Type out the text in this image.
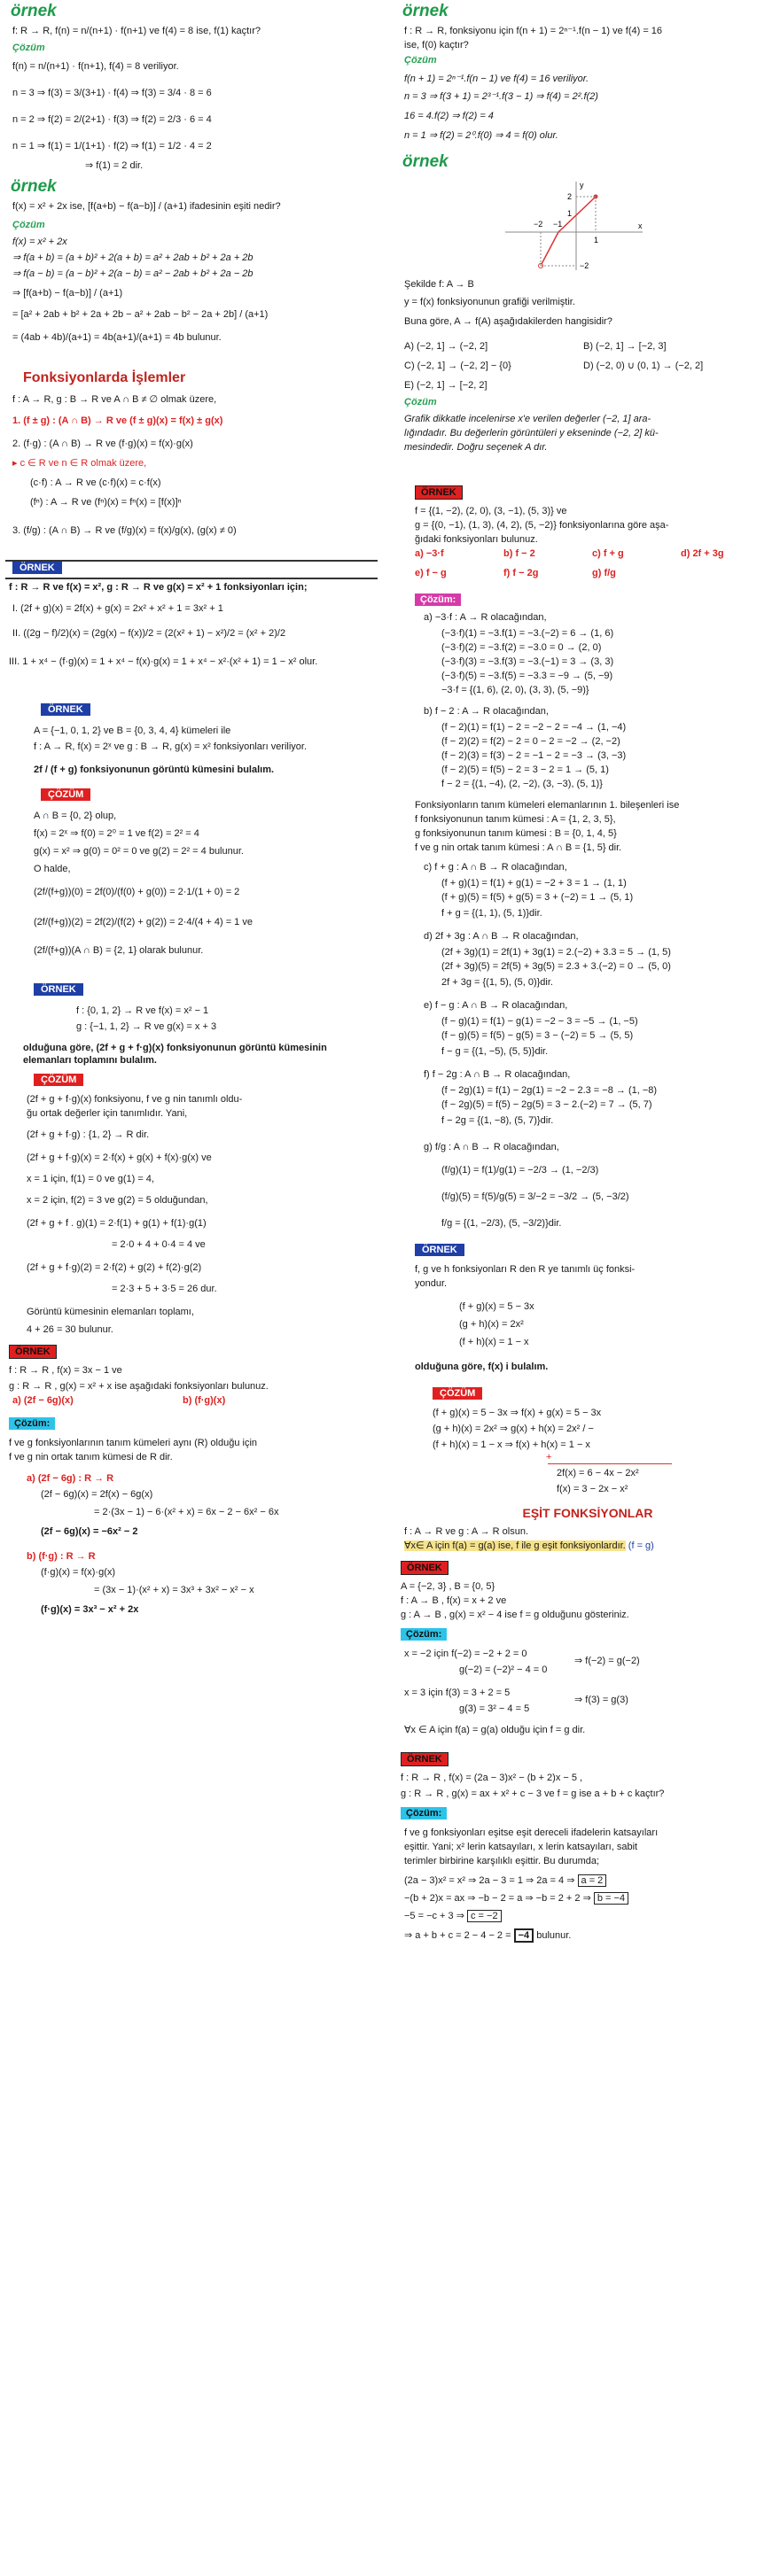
örnek
f: R → R, f(n) = n/(n+1) · f(n+1) ve f(4) = 8 ise, f(1) kaçtır?
Çözüm
f(n) = n/(n+1) · f(n+1), f(4) = 8 veriliyor.
n = 3 ⇒ f(3) = 3/(3+1) · f(4) ⇒ f(3) = 3/4 · 8 = 6
n = 2 ⇒ f(2) = 2/(2+1) · f(3) ⇒ f(2) = 2/3 · 6 = 4
n = 1 ⇒ f(1) = 1/(1+1) · f(2) ⇒ f(1) = 1/2 · 4 = 2
⇒ f(1) = 2 dir.
örnek
f(x) = x² + 2x ise, [f(a+b) − f(a−b)] / (a+1) ifadesinin eşiti nedir?
Çözüm
f(x) = x² + 2x
⇒ f(a + b) = (a + b)² + 2(a + b) = a² + 2ab + b² + 2a + 2b
⇒ f(a − b) = (a − b)² + 2(a − b) = a² − 2ab + b² + 2a − 2b
⇒ [f(a+b) − f(a−b)] / (a+1)
= [a² + 2ab + b² + 2a + 2b − a² + 2ab − b² − 2a + 2b] / (a+1)
= (4ab + 4b)/(a+1) = 4b(a+1)/(a+1) = 4b bulunur.
Fonksiyonlarda İşlemler
f : A → R, g : B → R ve A ∩ B ≠ ∅ olmak üzere,
1. (f ± g) : (A ∩ B) → R ve (f ± g)(x) = f(x) ± g(x)
2. (f·g) : (A ∩ B) → R ve (f·g)(x) = f(x)·g(x)
▸ c ∈ R ve n ∈ R olmak üzere,
(c·f) : A → R ve (c·f)(x) = c·f(x)
(fⁿ) : A → R ve (fⁿ)(x) = fⁿ(x) = [f(x)]ⁿ
3. (f/g) : (A ∩ B) → R ve (f/g)(x) = f(x)/g(x), (g(x) ≠ 0)
ÖRNEK
f : R → R ve f(x) = x², g : R → R ve g(x) = x² + 1 fonksiyonları için;
I. (2f + g)(x) = 2f(x) + g(x) = 2x² + x² + 1 = 3x² + 1
II. ((2g − f)/2)(x) = (2g(x) − f(x))/2 = (2(x² + 1) − x²)/2 = (x² + 2)/2
III. 1 + x⁴ − (f·g)(x) = 1 + x⁴ − f(x)·g(x) = 1 + x⁴ − x²·(x² + 1) = 1 − x² olur.
ÖRNEK
A = {−1, 0, 1, 2} ve B = {0, 3, 4, 4} kümeleri ile
f : A → R, f(x) = 2ˣ ve g : B → R, g(x) = x² fonksiyonları veriliyor.
2f / (f + g) fonksiyonunun görüntü kümesini bulalım.
ÇÖZÜM
A ∩ B = {0, 2} olup,
f(x) = 2ˣ ⇒ f(0) = 2⁰ = 1 ve f(2) = 2² = 4
g(x) = x² ⇒ g(0) = 0² = 0 ve g(2) = 2² = 4 bulunur.
O halde,
(2f/(f+g))(0) = 2f(0)/(f(0) + g(0)) = 2·1/(1 + 0) = 2
(2f/(f+g))(2) = 2f(2)/(f(2) + g(2)) = 2·4/(4 + 4) = 1 ve
(2f/(f+g))(A ∩ B) = {2, 1} olarak bulunur.
ÖRNEK
f : {0, 1, 2} → R ve f(x) = x² − 1
g : {−1, 1, 2} → R ve g(x) = x + 3
olduğuna göre, (2f + g + f·g)(x) fonksiyonunun görüntü kümesinin elemanları toplamını bulalım.
ÇÖZÜM
(2f + g + f·g)(x) fonksiyonu, f ve g nin tanımlı oldu-
ğu ortak değerler için tanımlıdır. Yani,
(2f + g + f·g) : {1, 2} → R dir.
(2f + g + f·g)(x) = 2·f(x) + g(x) + f(x)·g(x) ve
x = 1 için, f(1) = 0 ve g(1) = 4,
x = 2 için, f(2) = 3 ve g(2) = 5 olduğundan,
(2f + g + f . g)(1) = 2·f(1) + g(1) + f(1)·g(1)
= 2·0 + 4 + 0·4 = 4 ve
(2f + g + f·g)(2) = 2·f(2) + g(2) + f(2)·g(2)
= 2·3 + 5 + 3·5 = 26 dur.
Görüntü kümesinin elemanları toplamı,
4 + 26 = 30 bulunur.
ÖRNEK
f : R → R , f(x) = 3x − 1 ve
g : R → R , g(x) = x² + x ise aşağıdaki fonksiyonları bulunuz.
a) (2f − 6g)(x)	b) (f·g)(x)
Çözüm:
f ve g fonksiyonlarının tanım kümeleri aynı (R) olduğu için
f ve g nin ortak tanım kümesi de R dir.
a) (2f − 6g) : R → R
(2f − 6g)(x) = 2f(x) − 6g(x)
= 2·(3x − 1) − 6·(x² + x) = 6x − 2 − 6x² − 6x
(2f − 6g)(x) = −6x² − 2
b) (f·g) : R → R
(f·g)(x) = f(x)·g(x)
= (3x − 1)·(x² + x) = 3x³ + 3x² − x² − x
(f·g)(x) = 3x³ − x² + 2x
örnek
f : R → R, fonksiyonu için f(n + 1) = 2ⁿ⁻¹.f(n − 1) ve f(4) = 16
ise, f(0) kaçtır?
Çözüm
f(n + 1) = 2ⁿ⁻¹.f(n − 1) ve f(4) = 16 veriliyor.
n = 3 ⇒ f(3 + 1) = 2³⁻¹.f(3 − 1) ⇒ f(4) = 2².f(2)
16 = 4.f(2) ⇒ f(2) = 4
n = 1 ⇒ f(2) = 2⁰.f(0) ⇒ 4 = f(0) olur.
örnek
−2 −1
1
2
1
−2
x
y
Şekilde f: A → B
y = f(x) fonksiyonunun grafiği verilmiştir.
Buna göre, A → f(A) aşağıdakilerden hangisidir?
A) (−2, 1] → (−2, 2]	B) (−2, 1] → [−2, 3]
C) (−2, 1] → (−2, 2] − {0}	D) (−2, 0) ∪ (0, 1) → (−2, 2]
E) (−2, 1] → [−2, 2]
Çözüm
Grafik dikkatle incelenirse x'e verilen değerler (−2, 1] ara-
lığındadır. Bu değerlerin görüntüleri y ekseninde (−2, 2] kü-
mesindedir. Doğru seçenek A dır.
ÖRNEK
f = {(1, −2), (2, 0), (3, −1), (5, 3)} ve
g = {(0, −1), (1, 3), (4, 2), (5, −2)} fonksiyonlarına göre aşa-
ğıdaki fonksiyonları bulunuz.
a) −3·f	b) f − 2	c) f + g	d) 2f + 3g
e) f − g	f) f − 2g	g) f/g
Çözüm:
a) −3·f : A → R olacağından,
(−3·f)(1) = −3.f(1) = −3.(−2) = 6 → (1, 6)
(−3·f)(2) = −3.f(2) = −3.0 = 0 → (2, 0)
(−3·f)(3) = −3.f(3) = −3.(−1) = 3 → (3, 3)
(−3·f)(5) = −3.f(5) = −3.3 = −9 → (5, −9)
−3·f = {(1, 6), (2, 0), (3, 3), (5, −9)}
b) f − 2 : A → R olacağından,
(f − 2)(1) = f(1) − 2 = −2 − 2 = −4 → (1, −4)
(f − 2)(2) = f(2) − 2 = 0 − 2 = −2 → (2, −2)
(f − 2)(3) = f(3) − 2 = −1 − 2 = −3 → (3, −3)
(f − 2)(5) = f(5) − 2 = 3 − 2 = 1 → (5, 1)
f − 2 = {(1, −4), (2, −2), (3, −3), (5, 1)}
Fonksiyonların tanım kümeleri elemanlarının 1. bileşenleri ise
f fonksiyonunun tanım kümesi : A = {1, 2, 3, 5},
g fonksiyonunun tanım kümesi : B = {0, 1, 4, 5}
f ve g nin ortak tanım kümesi : A ∩ B = {1, 5} dir.
c) f + g : A ∩ B → R olacağından,
(f + g)(1) = f(1) + g(1) = −2 + 3 = 1 → (1, 1)
(f + g)(5) = f(5) + g(5) = 3 + (−2) = 1 → (5, 1)
f + g = {(1, 1), (5, 1)}dir.
d) 2f + 3g : A ∩ B → R olacağından,
(2f + 3g)(1) = 2f(1) + 3g(1) = 2.(−2) + 3.3 = 5 → (1, 5)
(2f + 3g)(5) = 2f(5) + 3g(5) = 2.3 + 3.(−2) = 0 → (5, 0)
2f + 3g = {(1, 5), (5, 0)}dir.
e) f − g : A ∩ B → R olacağından,
(f − g)(1) = f(1) − g(1) = −2 − 3 = −5 → (1, −5)
(f − g)(5) = f(5) − g(5) = 3 − (−2) = 5 → (5, 5)
f − g = {(1, −5), (5, 5)}dir.
f) f − 2g : A ∩ B → R olacağından,
(f − 2g)(1) = f(1) − 2g(1) = −2 − 2.3 = −8 → (1, −8)
(f − 2g)(5) = f(5) − 2g(5) = 3 − 2.(−2) = 7 → (5, 7)
f − 2g = {(1, −8), (5, 7)}dir.
g) f/g : A ∩ B → R olacağından,
(f/g)(1) = f(1)/g(1) = −2/3 → (1, −2/3)
(f/g)(5) = f(5)/g(5) = 3/−2 = −3/2 → (5, −3/2)
f/g = {(1, −2/3), (5, −3/2)}dir.
ÖRNEK
f, g ve h fonksiyonları R den R ye tanımlı üç fonksi-
yondur.
(f + g)(x) = 5 − 3x
(g + h)(x) = 2x²
(f + h)(x) = 1 − x
olduğuna göre, f(x) i bulalım.
ÇÖZÜM
(f + g)(x) = 5 − 3x ⇒ f(x) + g(x) = 5 − 3x
(g + h)(x) = 2x² ⇒ g(x) + h(x) = 2x² / −
(f + h)(x) = 1 − x ⇒ f(x) + h(x) = 1 − x
+
2f(x) = 6 − 4x − 2x²
f(x) = 3 − 2x − x²
EŞİT FONKSİYONLAR
f : A → R ve g : A → R olsun.
∀x∈ A için f(a) = g(a) ise, f ile g eşit fonksiyonlardır. (f = g)
ÖRNEK
A = {−2, 3} , B = {0, 5}
f : A → B , f(x) = x + 2 ve
g : A → B , g(x) = x² − 4 ise f = g olduğunu gösteriniz.
Çözüm:
x = −2 için f(−2) = −2 + 2 = 0
g(−2) = (−2)² − 4 = 0
⇒ f(−2) = g(−2)
x = 3 için f(3) = 3 + 2 = 5
g(3) = 3² − 4 = 5
⇒ f(3) = g(3)
∀x ∈ A için f(a) = g(a) olduğu için f = g dir.
ÖRNEK
f : R → R , f(x) = (2a − 3)x² − (b + 2)x − 5 ,
g : R → R , g(x) = ax + x² + c − 3 ve f = g ise a + b + c kaçtır?
Çözüm:
f ve g fonksiyonları eşitse eşit dereceli ifadelerin katsayıları
eşittir. Yani; x² lerin katsayıları, x lerin katsayıları, sabit
terimler birbirine karşılıklı eşittir. Bu durumda;
(2a − 3)x² = x² ⇒ 2a − 3 = 1 ⇒ 2a = 4 ⇒ a = 2
−(b + 2)x = ax ⇒ −b − 2 = a ⇒ −b = 2 + 2 ⇒ b = −4
−5 = −c + 3 ⇒ c = −2
⇒ a + b + c = 2 − 4 − 2 = −4 bulunur.
